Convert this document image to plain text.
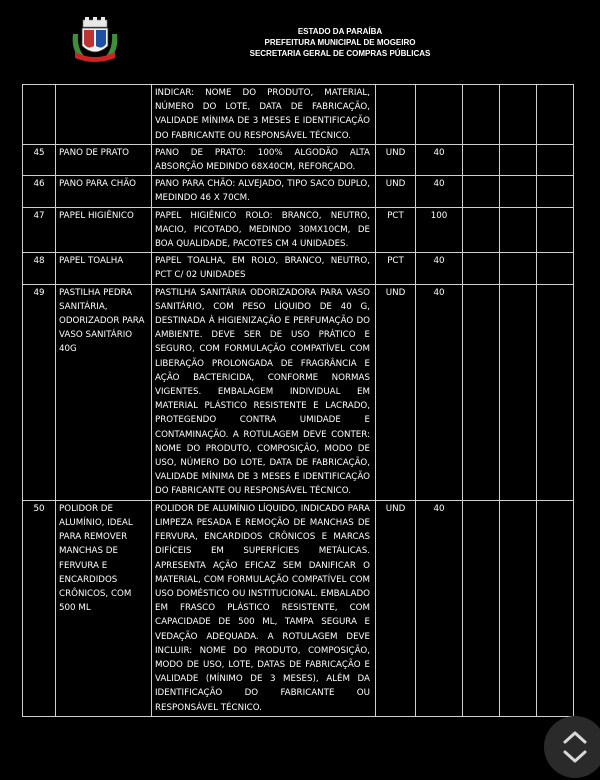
ESTADO DA PARAÍBA
PREFEITURA MUNICIPAL DE MOGEIRO
SECRETARIA GERAL DE COMPRAS PÚBLICAS
		INDICAR: NOME DO PRODUTO, MATERIAL, NÚMERO DO LOTE, DATA DE FABRICAÇÃO, VALIDADE MÍNIMA DE 3 MESES E IDENTIFICAÇÃO DO FABRICANTE OU RESPONSÁVEL TÉCNICO.					
45	PANO DE PRATO	PANO DE PRATO: 100% ALGODÃO ALTA ABSORÇÃO MEDINDO 68X40CM, REFORÇADO.	UND	40			
46	PANO PARA CHÃO	PANO PARA CHÃO: ALVEJADO, TIPO SACO DUPLO, MEDINDO 46 X 70CM.	UND	40			
47	PAPEL HIGIÊNICO	PAPEL HIGIÊNICO ROLO: BRANCO, NEUTRO, MACIO, PICOTADO, MEDINDO 30MX10CM, DE BOA QUALIDADE, PACOTES CM 4 UNIDADES.	PCT	100			
48	PAPEL TOALHA	PAPEL TOALHA, EM ROLO, BRANCO, NEUTRO, PCT C/ 02 UNIDADES	PCT	40			
49	PASTILHA PEDRA SANITÁRIA, ODORIZADOR PARA VASO SANITÁRIO 40G	PASTILHA SANITÁRIA ODORIZADORA PARA VASO SANITÁRIO, COM PESO LÍQUIDO DE 40 G, DESTINADA À HIGIENIZAÇÃO E PERFUMAÇÃO DO AMBIENTE. DEVE SER DE USO PRÁTICO E SEGURO, COM FORMULAÇÃO COMPATÍVEL COM LIBERAÇÃO PROLONGADA DE FRAGRÂNCIA E AÇÃO BACTERICIDA, CONFORME NORMAS VIGENTES. EMBALAGEM INDIVIDUAL EM MATERIAL PLÁSTICO RESISTENTE E LACRADO, PROTEGENDO CONTRA UMIDADE E CONTAMINAÇÃO. A ROTULAGEM DEVE CONTER: NOME DO PRODUTO, COMPOSIÇÃO, MODO DE USO, NÚMERO DO LOTE, DATA DE FABRICAÇÃO, VALIDADE MÍNIMA DE 3 MESES E IDENTIFICAÇÃO DO FABRICANTE OU RESPONSÁVEL TÉCNICO.	UND	40			
50	POLIDOR DE ALUMÍNIO, IDEAL PARA REMOVER MANCHAS DE FERVURA E ENCARDIDOS CRÔNICOS, COM 500 ML	POLIDOR DE ALUMÍNIO LÍQUIDO, INDICADO PARA LIMPEZA PESADA E REMOÇÃO DE MANCHAS DE FERVURA, ENCARDIDOS CRÔNICOS E MARCAS DIFÍCEIS EM SUPERFÍCIES METÁLICAS. APRESENTA AÇÃO EFICAZ SEM DANIFICAR O MATERIAL, COM FORMULAÇÃO COMPATÍVEL COM USO DOMÉSTICO OU INSTITUCIONAL. EMBALADO EM FRASCO PLÁSTICO RESISTENTE, COM CAPACIDADE DE 500 ML, TAMPA SEGURA E VEDAÇÃO ADEQUADA. A ROTULAGEM DEVE INCLUIR: NOME DO PRODUTO, COMPOSIÇÃO, MODO DE USO, LOTE, DATAS DE FABRICAÇÃO E VALIDADE (MÍNIMO DE 3 MESES), ALÉM DA IDENTIFICAÇÃO DO FABRICANTE OU RESPONSÁVEL TÉCNICO.	UND	40			
